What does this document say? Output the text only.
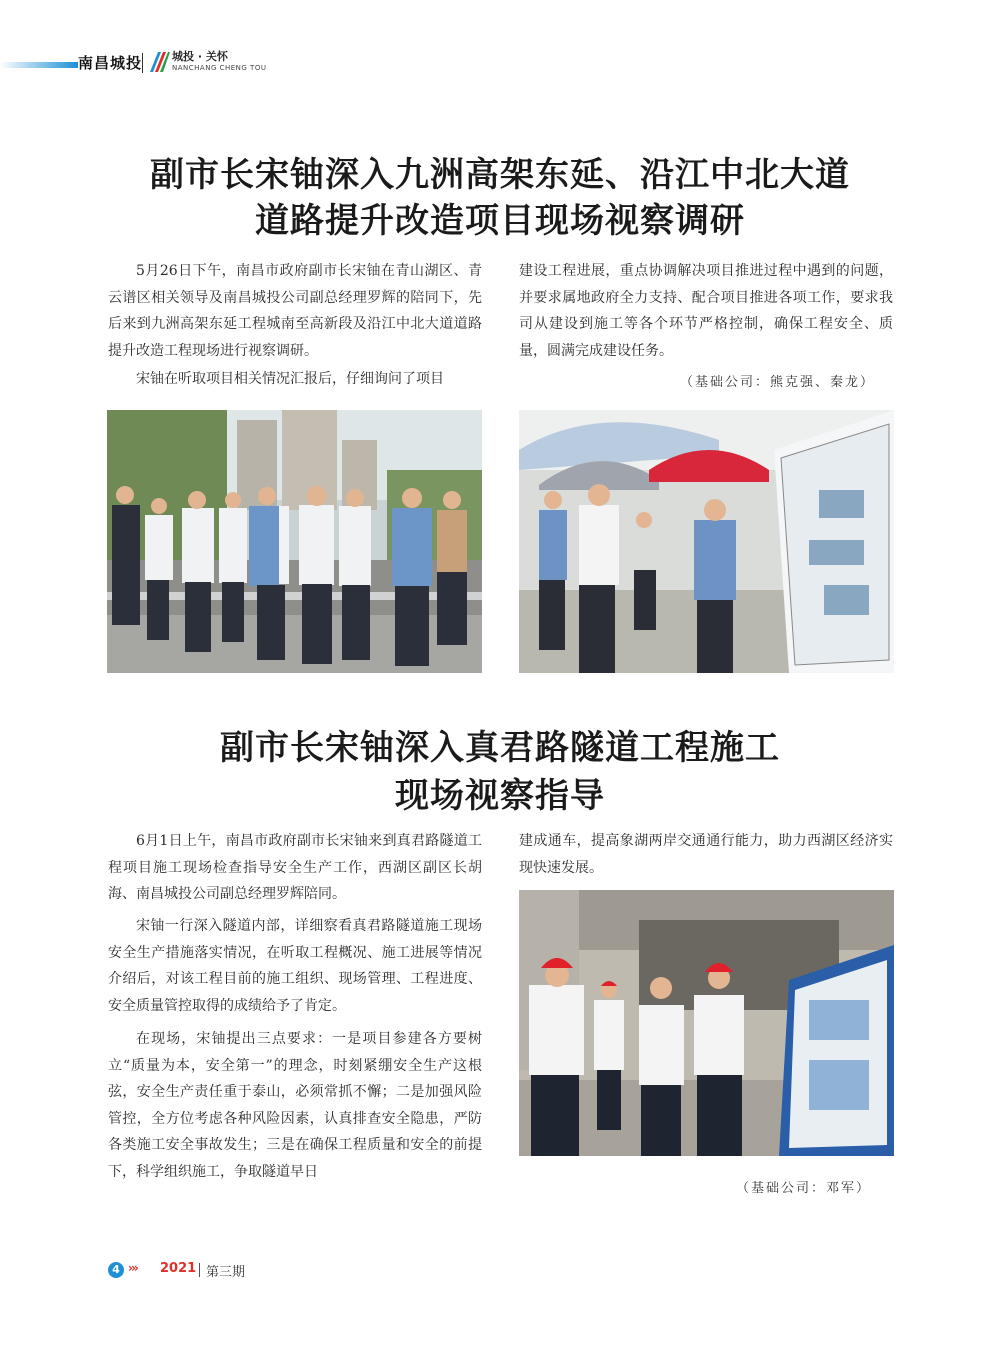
南昌城投	城投 · 关怀
NANCHANG CHENG TOU
副市长宋铀深入九洲高架东延、沿江中北大道
道路提升改造项目现场视察调研

5月26日下午，南昌市政府副市长宋铀在青山湖区、青云谱区相关领导及南昌城投公司副总经理罗辉的陪同下，先后来到九洲高架东延工程城南至高新段及沿江中北大道道路提升改造工程现场进行视察调研。

宋铀在听取项目相关情况汇报后，仔细询问了项目

建设工程进展，重点协调解决项目推进过程中遇到的问题，并要求属地政府全力支持、配合项目推进各项工作，要求我司从建设到施工等各个环节严格控制，确保工程安全、质量，圆满完成建设任务。

（基础公司：熊克强、秦龙）
副市长宋铀深入真君路隧道工程施工
现场视察指导

6月1日上午，南昌市政府副市长宋铀来到真君路隧道工程项目施工现场检查指导安全生产工作，西湖区副区长胡海、南昌城投公司副总经理罗辉陪同。

宋铀一行深入隧道内部，详细察看真君路隧道施工现场安全生产措施落实情况，在听取工程概况、施工进展等情况介绍后，对该工程目前的施工组织、现场管理、工程进度、安全质量管控取得的成绩给予了肯定。

在现场，宋铀提出三点要求：一是项目参建各方要树立“质量为本，安全第一”的理念，时刻紧绷安全生产这根弦，安全生产责任重于泰山，必须常抓不懈；二是加强风险管控，全方位考虑各种风险因素，认真排查安全隐患，严防各类施工安全事故发生；三是在确保工程质量和安全的前提下，科学组织施工，争取隧道早日

建成通车，提高象湖两岸交通通行能力，助力西湖区经济实现快速发展。

（基础公司：邓军）
4 ››› 2021 第三期
